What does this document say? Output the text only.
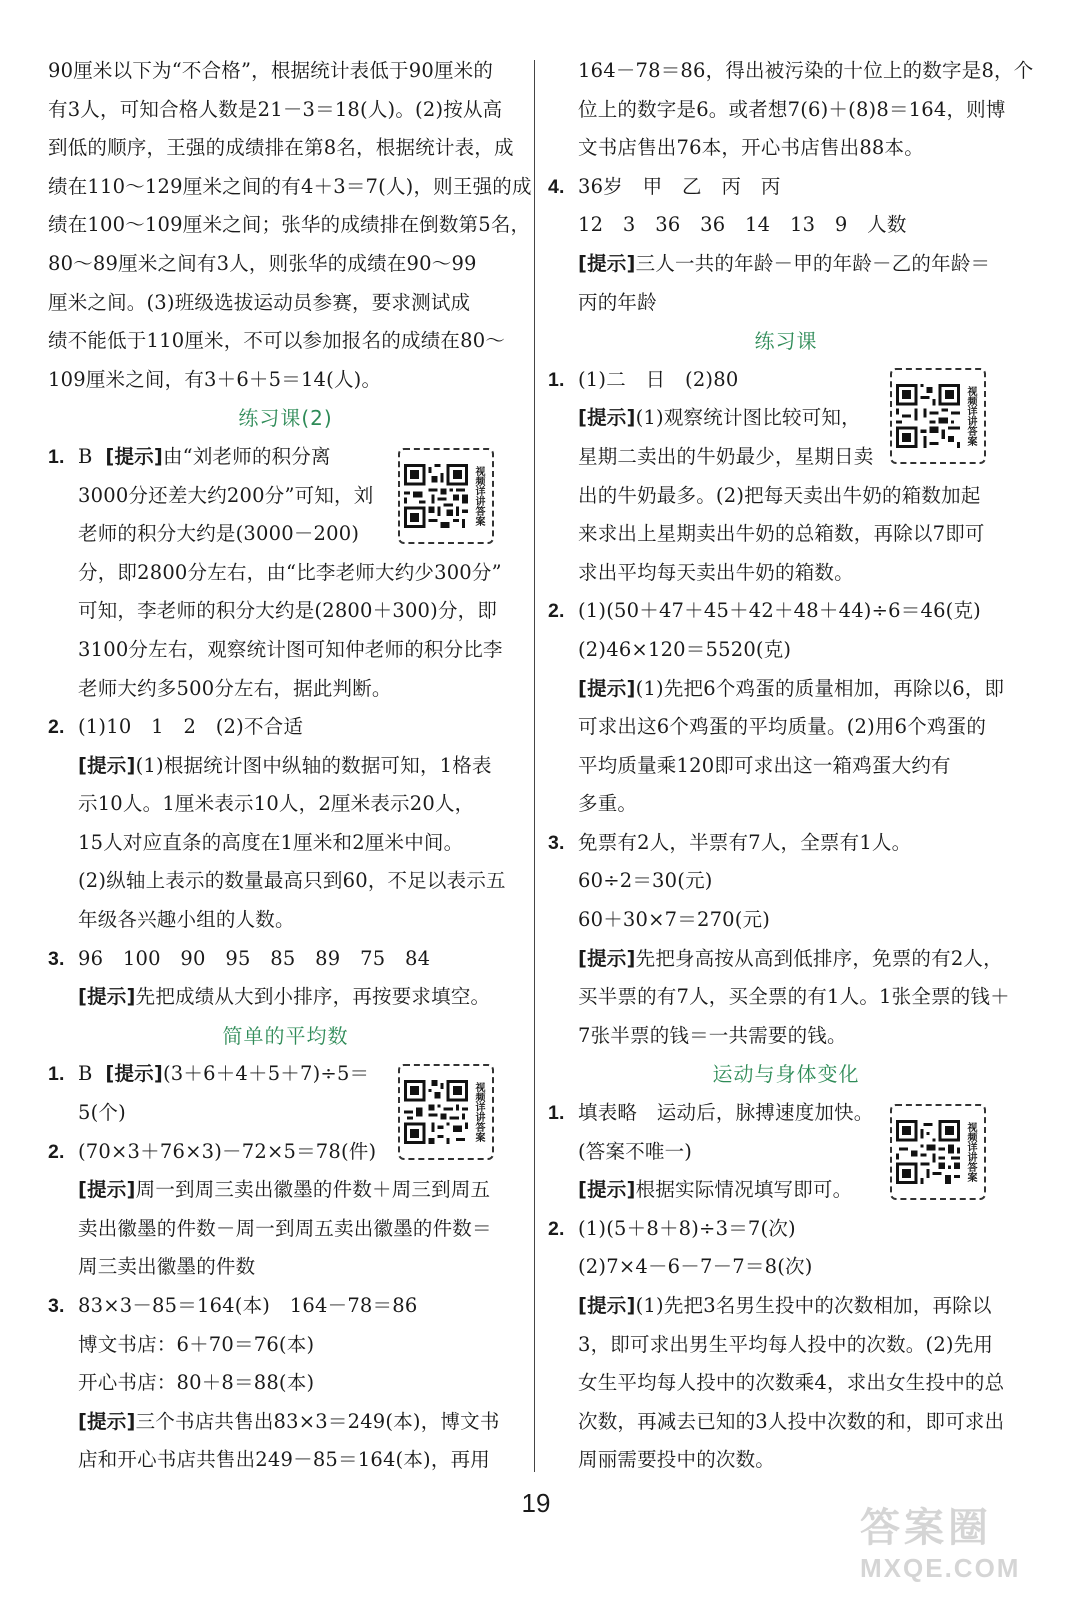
90厘米以下为“不合格”，根据统计表低于90厘米的
有3人，可知合格人数是21－3＝18(人)。(2)按从高
到低的顺序，王强的成绩排在第8名，根据统计表，成
绩在110～129厘米之间的有4＋3＝7(人)，则王强的成
绩在100～109厘米之间；张华的成绩排在倒数第5名，
80～89厘米之间有3人，则张华的成绩在90～99
厘米之间。(3)班级选拔运动员参赛，要求测试成
绩不能低于110厘米，不可以参加报名的成绩在80～
109厘米之间，有3＋6＋5＝14(人)。
练习课(2)
1. B [提示]由“刘老师的积分离
3000分还差大约200分”可知，刘
老师的积分大约是(3000－200)
分，即2800分左右，由“比李老师大约少300分”
可知，李老师的积分大约是(2800＋300)分，即
3100分左右，观察统计图可知仲老师的积分比李
老师大约多500分左右，据此判断。
2. (1)10　1　2　(2)不合适
[提示](1)根据统计图中纵轴的数据可知，1格表
示10人。1厘米表示10人，2厘米表示20人，
15人对应直条的高度在1厘米和2厘米中间。
(2)纵轴上表示的数量最高只到60，不足以表示五
年级各兴趣小组的人数。
3. 96　100　90　95　85　89　75　84
[提示]先把成绩从大到小排序，再按要求填空。
简单的平均数
1. B [提示](3＋6＋4＋5＋7)÷5＝
5(个)
2. (70×3＋76×3)－72×5＝78(件)
[提示]周一到周三卖出徽墨的件数＋周三到周五
卖出徽墨的件数－周一到周五卖出徽墨的件数＝
周三卖出徽墨的件数
3. 83×3－85＝164(本)　164－78＝86
博文书店：6＋70＝76(本)
开心书店：80＋8＝88(本)
[提示]三个书店共售出83×3＝249(本)，博文书
店和开心书店共售出249－85＝164(本)，再用
164－78＝86，得出被污染的十位上的数字是8，个
位上的数字是6。或者想7(6)＋(8)8＝164，则博
文书店售出76本，开心书店售出88本。
4. 36岁　甲　乙　丙　丙
12　3　36　36　14　13　9　人数
[提示]三人一共的年龄－甲的年龄－乙的年龄＝
丙的年龄
练习课
1. (1)二　日　(2)80
[提示](1)观察统计图比较可知，
星期二卖出的牛奶最少，星期日卖
出的牛奶最多。(2)把每天卖出牛奶的箱数加起
来求出上星期卖出牛奶的总箱数，再除以7即可
求出平均每天卖出牛奶的箱数。
2. (1)(50＋47＋45＋42＋48＋44)÷6＝46(克)
(2)46×120＝5520(克)
[提示](1)先把6个鸡蛋的质量相加，再除以6，即
可求出这6个鸡蛋的平均质量。(2)用6个鸡蛋的
平均质量乘120即可求出这一箱鸡蛋大约有
多重。
3. 免票有2人，半票有7人，全票有1人。
60÷2＝30(元)
60＋30×7＝270(元)
[提示]先把身高按从高到低排序，免票的有2人，
买半票的有7人，买全票的有1人。1张全票的钱＋
7张半票的钱＝一共需要的钱。
运动与身体变化
1. 填表略　运动后，脉搏速度加快。
(答案不唯一)
[提示]根据实际情况填写即可。
2. (1)(5＋8＋8)÷3＝7(次)
(2)7×4－6－7－7＝8(次)
[提示](1)先把3名男生投中的次数相加，再除以
3，即可求出男生平均每人投中的次数。(2)先用
女生平均每人投中的次数乘4，求出女生投中的总
次数，再减去已知的3人投中次数的和，即可求出
周丽需要投中的次数。
视频详讲答案
视频详讲答案
视频详讲答案
视频详讲答案
19
答案圈
MXQE.COM
